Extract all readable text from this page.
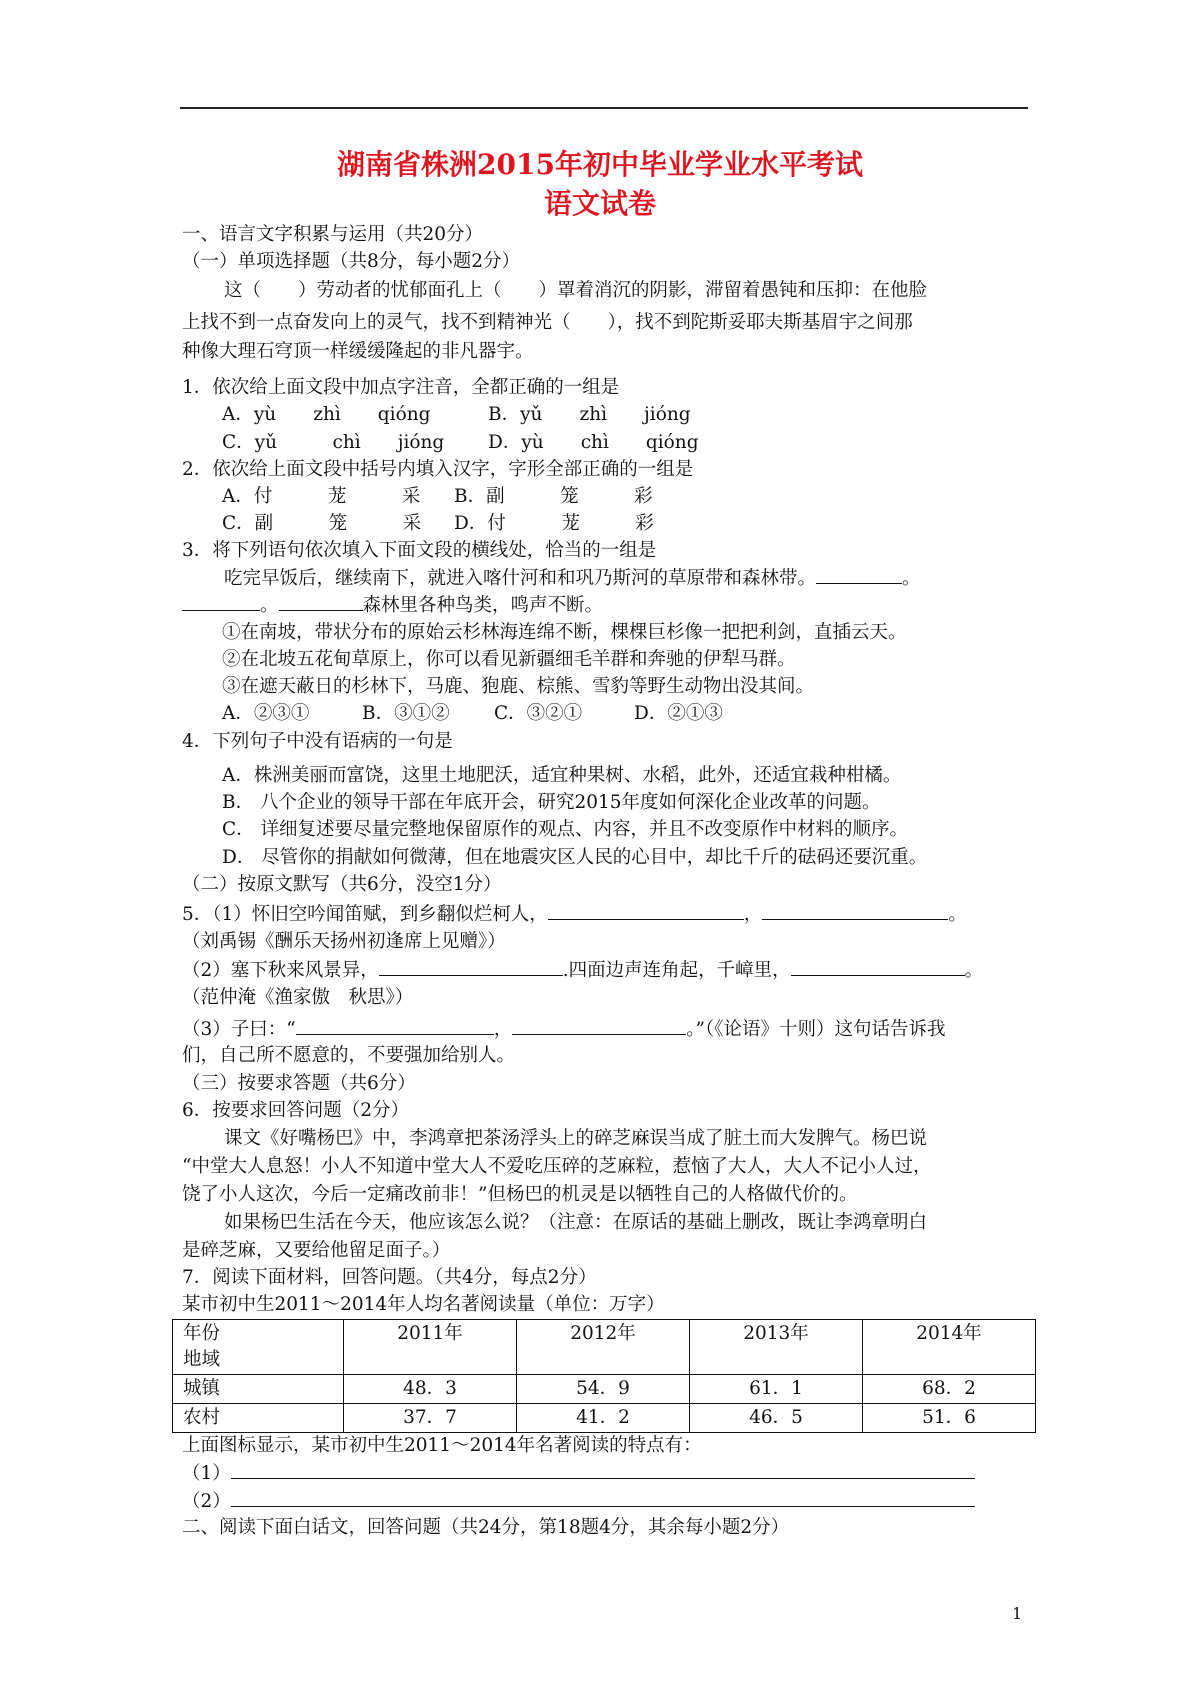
湖南省株洲2015年初中毕业学业水平考试
语文试卷
一、语言文字积累与运用（共20分）
（一）单项选择题（共8分，每小题2分）
这（　　）劳动者的忧郁面孔上（　　）罩着消沉的阴影，滞留着愚钝和压抑：在他脸
上找不到一点奋发向上的灵气，找不到精神光（　　），找不到陀斯妥耶夫斯基眉宇之间那
种像大理石穹顶一样缓缓隆起的非凡器宇。
1．依次给上面文段中加点字注音，全都正确的一组是
A．yù　　zhì　　qióng	B．yǔ　　zhì　　jióng
C．yǔ　　　chì　　jióng D．yù　　chì　　qióng
2．依次给上面文段中括号内填入汉字，字形全部正确的一组是
A．付　　　茏　　　采 B．副　　　笼　　　彩
C．副　　　笼　　　采 D．付　　　茏　　　彩
3．将下列语句依次填入下面文段的横线处，恰当的一组是
吃完早饭后，继续南下，就进入喀什河和和巩乃斯河的草原带和森林带。	。
。	森林里各种鸟类，鸣声不断。
①在南坡，带状分布的原始云杉林海连绵不断，棵棵巨杉像一把把利剑，直插云天。
②在北坡五花甸草原上，你可以看见新疆细毛羊群和奔驰的伊犁马群。
③在遮天蔽日的杉林下，马鹿、狍鹿、棕熊、雪豹等野生动物出没其间。
A．②③①	B．③①② C．③②①	D．②①③
4．下列句子中没有语病的一句是
A．株洲美丽而富饶，这里土地肥沃，适宜种果树、水稻，此外，还适宜栽种柑橘。
B． 八个企业的领导干部在年底开会，研究2015年度如何深化企业改革的问题。
C． 详细复述要尽量完整地保留原作的观点、内容，并且不改变原作中材料的顺序。
D． 尽管你的捐献如何微薄，但在地震灾区人民的心目中，却比千斤的砝码还要沉重。
（二）按原文默写（共6分，没空1分）
5．（1）怀旧空吟闻笛赋，到乡翻似烂柯人，	，	。
（刘禹锡《酬乐天扬州初逢席上见赠》）
（2）塞下秋来风景异，	.四面边声连角起，千嶂里，	。
（范仲淹《渔家傲　秋思》）
（3）子曰：“	，	。”（《论语》十则）这句话告诉我
们，自己所不愿意的，不要强加给别人。
（三）按要求答题（共6分）
6．按要求回答问题（2分）
课文《好嘴杨巴》中，李鸿章把茶汤浮头上的碎芝麻误当成了脏土而大发脾气。杨巴说
“中堂大人息怒！小人不知道中堂大人不爱吃压碎的芝麻粒，惹恼了大人，大人不记小人过，
饶了小人这次，今后一定痛改前非！”但杨巴的机灵是以牺牲自己的人格做代价的。
如果杨巴生活在今天，他应该怎么说？（注意：在原话的基础上删改，既让李鸿章明白
是碎芝麻，又要给他留足面子。）
7．阅读下面材料，回答问题。（共4分，每点2分）
某市初中生2011～2014年人均名著阅读量（单位：万字）
年份
地域	2011年	2012年	2013年	2014年
城镇	48．3	54．9	61．1	68．2
农村	37．7	41．2	46．5	51．6
上面图标显示，某市初中生2011～2014年名著阅读的特点有：
（1）
（2）
二、阅读下面白话文，回答问题（共24分，第18题4分，其余每小题2分）
1
